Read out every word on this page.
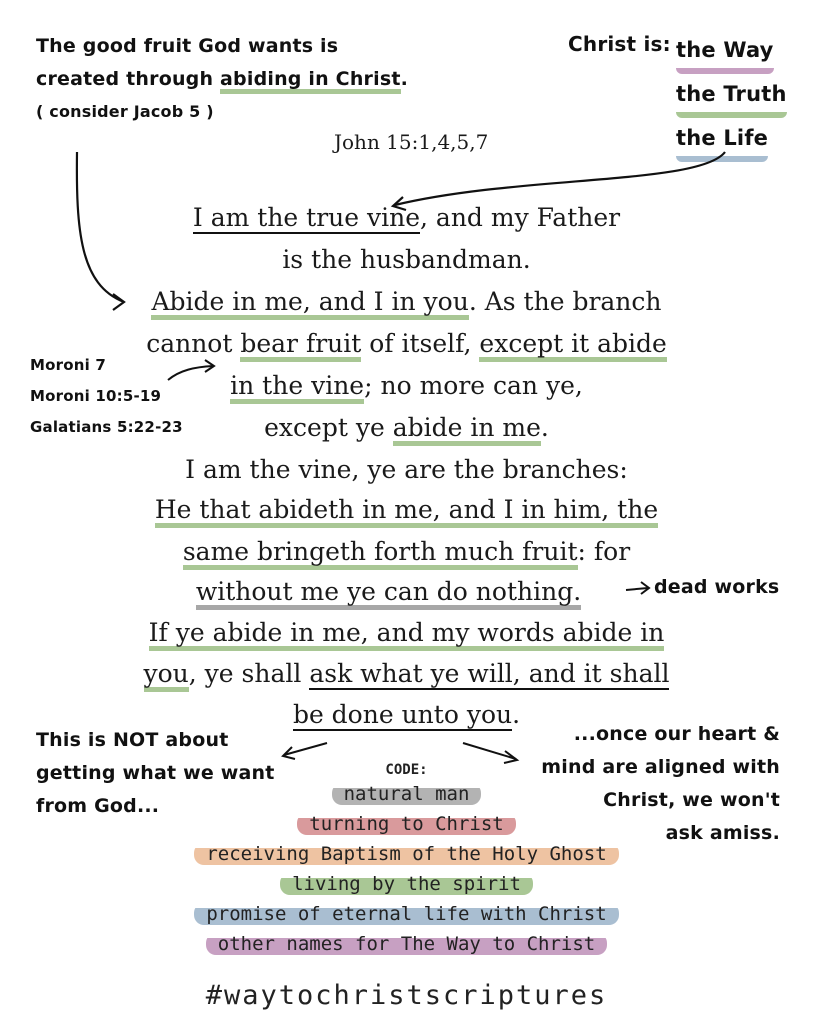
The good fruit God wants is
created through abiding in Christ.
( consider Jacob 5 )
Christ is: the Way
the Truth
the Life
John 15:1,4,5,7
I am the true vine, and my Father
is the husbandman.
Abide in me, and I in you. As the branch
cannot bear fruit of itself, except it abide
in the vine; no more can ye,
except ye abide in me.
I am the vine, ye are the branches:
He that abideth in me, and I in him, the
same bringeth forth much fruit: for
without me ye can do nothing.
If ye abide in me, and my words abide in
you, ye shall ask what ye will, and it shall
be done unto you.
Moroni 7
Moroni 10:5-19
Galatians 5:22-23
dead works
This is NOT about
getting what we want
from God...
...once our heart &
mind are aligned with
Christ, we won't
ask amiss.
CODE:
natural man
turning to Christ
receiving Baptism of the Holy Ghost
living by the spirit
promise of eternal life with Christ
other names for The Way to Christ
#waytochristscriptures
